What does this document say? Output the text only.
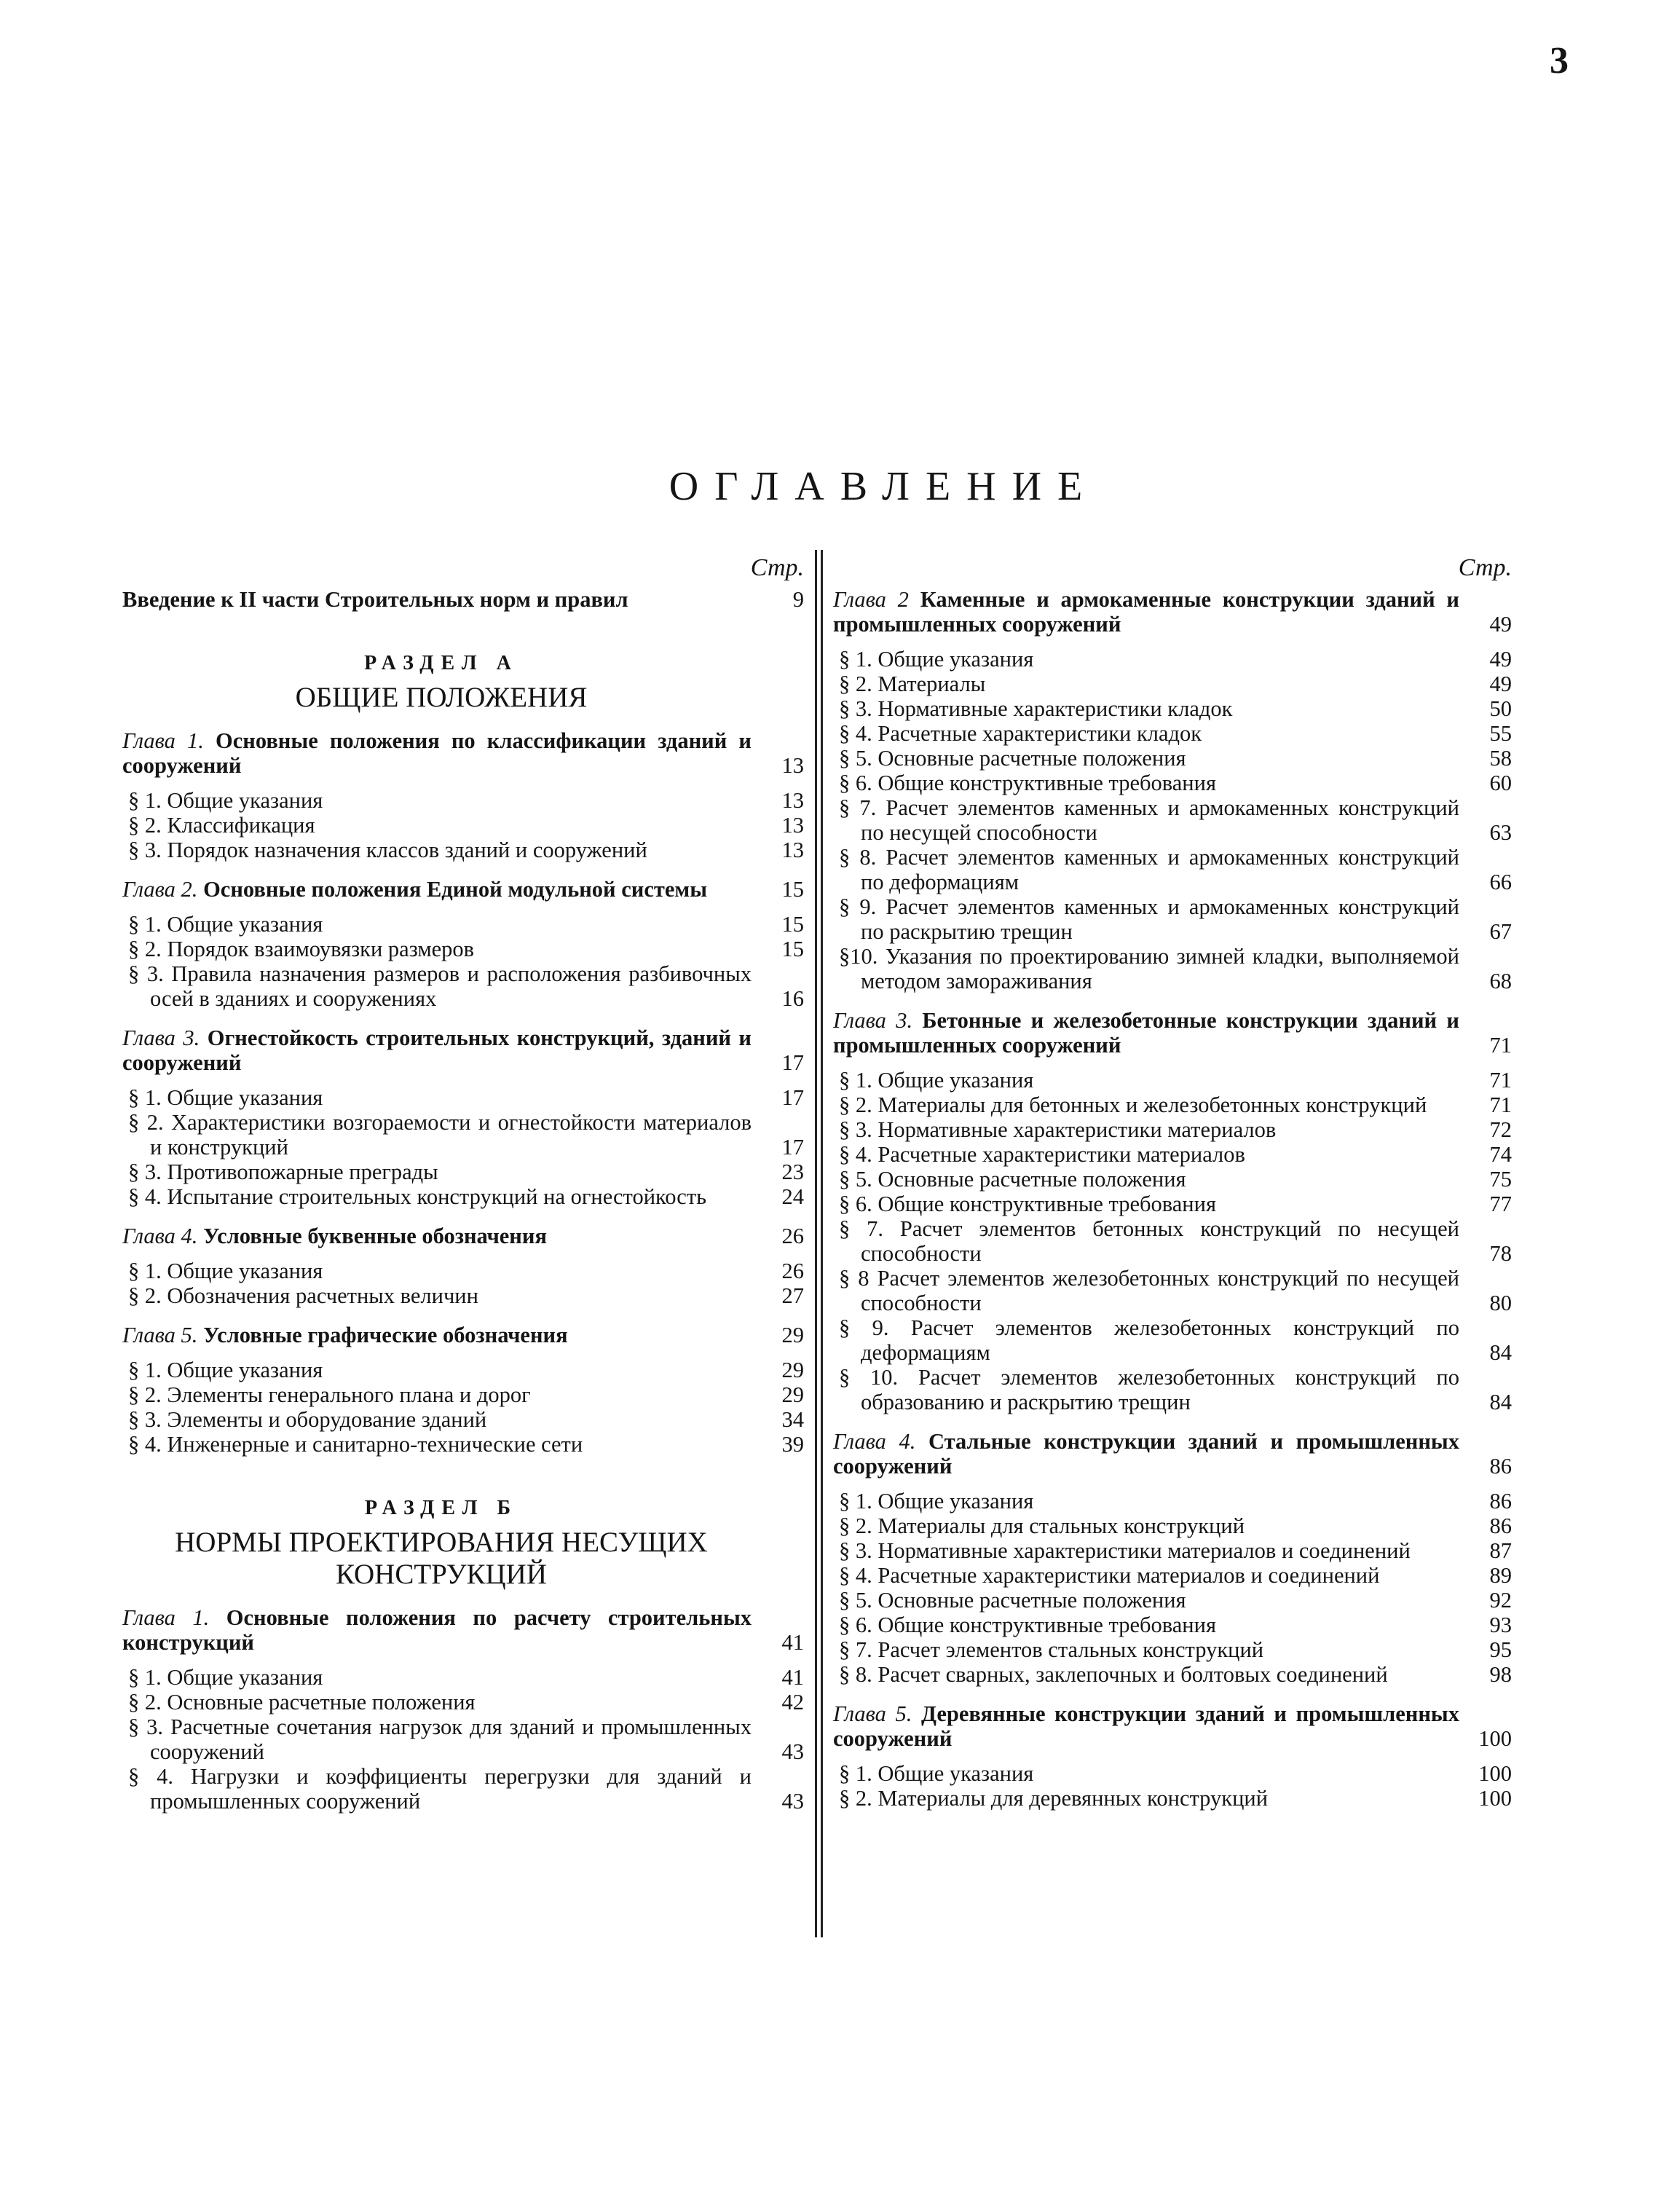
3
ОГЛАВЛЕНИЕ
Стр.
Введение к II части Строительных норм и правил	9
РАЗДЕЛ А
ОБЩИЕ ПОЛОЖЕНИЯ
Глава 1. Основные положения по классификации зданий и сооружений	13
§ 1. Общие указания	13
§ 2. Классификация	13
§ 3. Порядок назначения классов зданий и сооружений	13
Глава 2. Основные положения Единой модульной системы	15
§ 1. Общие указания	15
§ 2. Порядок взаимоувязки размеров	15
§ 3. Правила назначения размеров и расположения разбивочных осей в зданиях и сооружениях	16
Глава 3. Огнестойкость строительных конструкций, зданий и сооружений	17
§ 1. Общие указания	17
§ 2. Характеристики возгораемости и огнестойкости материалов и конструкций	17
§ 3. Противопожарные преграды	23
§ 4. Испытание строительных конструкций на огнестойкость	24
Глава 4. Условные буквенные обозначения	26
§ 1. Общие указания	26
§ 2. Обозначения расчетных величин	27
Глава 5. Условные графические обозначения	29
§ 1. Общие указания	29
§ 2. Элементы генерального плана и дорог	29
§ 3. Элементы и оборудование зданий	34
§ 4. Инженерные и санитарно-технические сети	39
РАЗДЕЛ Б
НОРМЫ ПРОЕКТИРОВАНИЯ НЕСУЩИХ КОНСТРУКЦИЙ
Глава 1. Основные положения по расчету строительных конструкций	41
§ 1. Общие указания	41
§ 2. Основные расчетные положения	42
§ 3. Расчетные сочетания нагрузок для зданий и промышленных сооружений	43
§ 4. Нагрузки и коэффициенты перегрузки для зданий и промышленных сооружений	43
Стр.
Глава 2 Каменные и армокаменные конструкции зданий и промышленных сооружений	49
§ 1. Общие указания	49
§ 2. Материалы	49
§ 3. Нормативные характеристики кладок	50
§ 4. Расчетные характеристики кладок	55
§ 5. Основные расчетные положения	58
§ 6. Общие конструктивные требования	60
§ 7. Расчет элементов каменных и армокаменных конструкций по несущей способности	63
§ 8. Расчет элементов каменных и армокаменных конструкций по деформациям	66
§ 9. Расчет элементов каменных и армокаменных конструкций по раскрытию трещин	67
§10. Указания по проектированию зимней кладки, выполняемой методом замораживания	68
Глава 3. Бетонные и железобетонные конструкции зданий и промышленных сооружений	71
§ 1. Общие указания	71
§ 2. Материалы для бетонных и железобетонных конструкций	71
§ 3. Нормативные характеристики материалов	72
§ 4. Расчетные характеристики материалов	74
§ 5. Основные расчетные положения	75
§ 6. Общие конструктивные требования	77
§ 7. Расчет элементов бетонных конструкций по несущей способности	78
§ 8 Расчет элементов железобетонных конструкций по несущей способности	80
§ 9. Расчет элементов железобетонных конструкций по деформациям	84
§ 10. Расчет элементов железобетонных конструкций по образованию и раскрытию трещин	84
Глава 4. Стальные конструкции зданий и промышленных сооружений	86
§ 1. Общие указания	86
§ 2. Материалы для стальных конструкций	86
§ 3. Нормативные характеристики материалов и соединений	87
§ 4. Расчетные характеристики материалов и соединений	89
§ 5. Основные расчетные положения	92
§ 6. Общие конструктивные требования	93
§ 7. Расчет элементов стальных конструкций	95
§ 8. Расчет сварных, заклепочных и болтовых соединений	98
Глава 5. Деревянные конструкции зданий и промышленных сооружений	100
§ 1. Общие указания	100
§ 2. Материалы для деревянных конструкций	100
